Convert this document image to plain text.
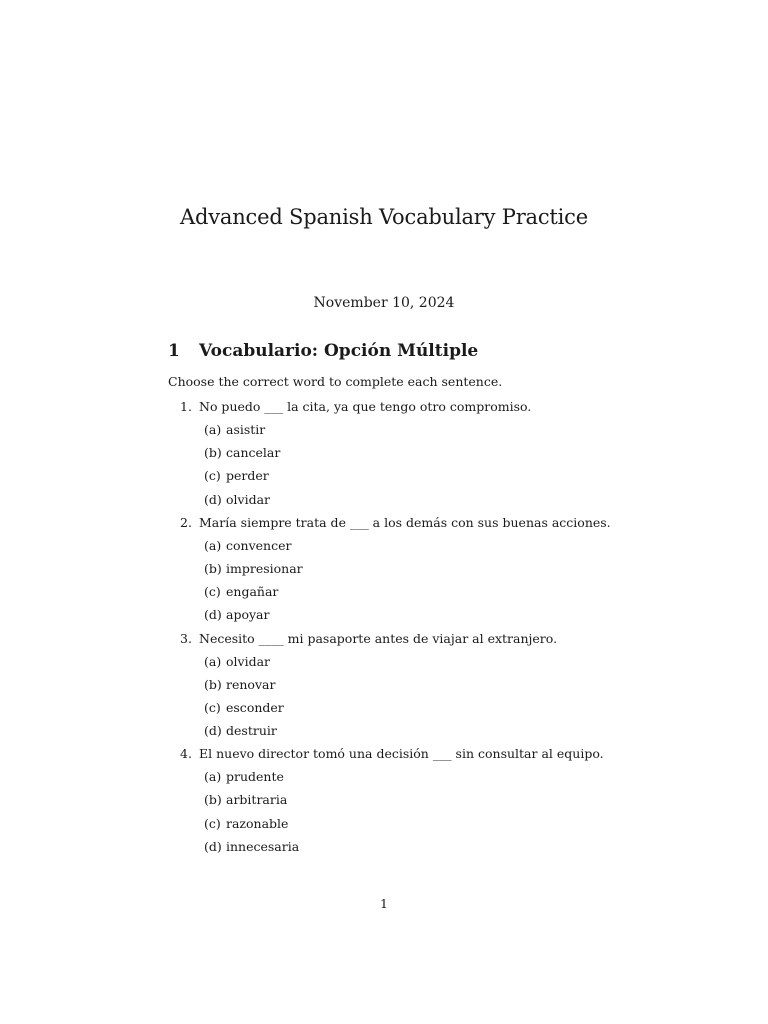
Advanced Spanish Vocabulary Practice
November 10, 2024
1 Vocabulario: Opción Múltiple

Choose the correct word to complete each sentence.

1. No puedo ___ la cita, ya que tengo otro compromiso.
(a) asistir
(b) cancelar
(c) perder
(d) olvidar
2. María siempre trata de ___ a los demás con sus buenas acciones.
(a) convencer
(b) impresionar
(c) engañar
(d) apoyar
3. Necesito ____ mi pasaporte antes de viajar al extranjero.
(a) olvidar
(b) renovar
(c) esconder
(d) destruir
4. El nuevo director tomó una decisión ___ sin consultar al equipo.
(a) prudente
(b) arbitraria
(c) razonable
(d) innecesaria
1
